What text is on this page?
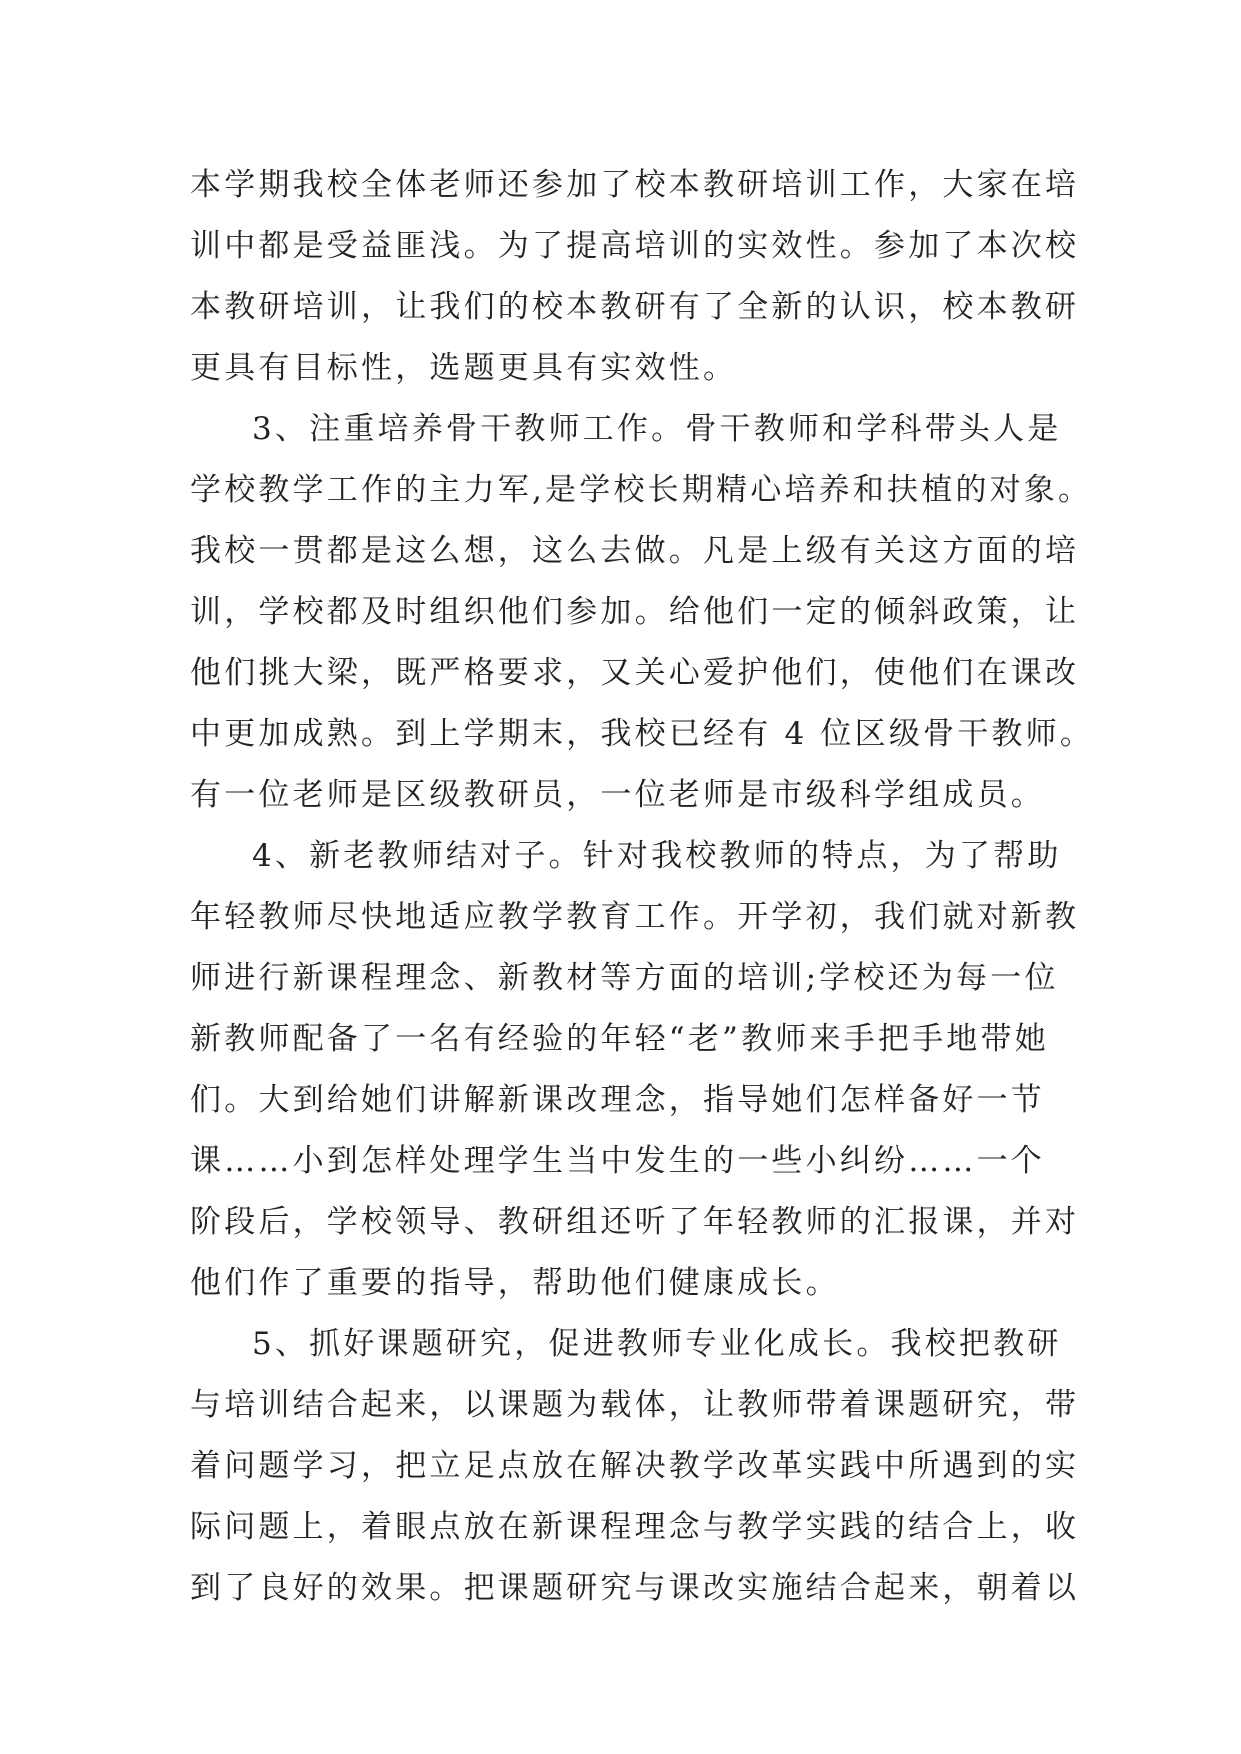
本学期我校全体老师还参加了校本教研培训工作，大家在培
训中都是受益匪浅。为了提高培训的实效性。参加了本次校
本教研培训，让我们的校本教研有了全新的认识，校本教研
更具有目标性，选题更具有实效性。
3、注重培养骨干教师工作。骨干教师和学科带头人是
学校教学工作的主力军,是学校长期精心培养和扶植的对象。
我校一贯都是这么想，这么去做。凡是上级有关这方面的培
训，学校都及时组织他们参加。给他们一定的倾斜政策，让
他们挑大梁，既严格要求，又关心爱护他们，使他们在课改
中更加成熟。到上学期末，我校已经有 4 位区级骨干教师。
有一位老师是区级教研员，一位老师是市级科学组成员。
4、新老教师结对子。针对我校教师的特点，为了帮助
年轻教师尽快地适应教学教育工作。开学初，我们就对新教
师进行新课程理念、新教材等方面的培训;学校还为每一位
新教师配备了一名有经验的年轻“老”教师来手把手地带她
们。大到给她们讲解新课改理念，指导她们怎样备好一节
课……小到怎样处理学生当中发生的一些小纠纷……一个
阶段后，学校领导、教研组还听了年轻教师的汇报课，并对
他们作了重要的指导，帮助他们健康成长。
5、抓好课题研究，促进教师专业化成长。我校把教研
与培训结合起来，以课题为载体，让教师带着课题研究，带
着问题学习，把立足点放在解决教学改革实践中所遇到的实
际问题上，着眼点放在新课程理念与教学实践的结合上，收
到了良好的效果。把课题研究与课改实施结合起来，朝着以
